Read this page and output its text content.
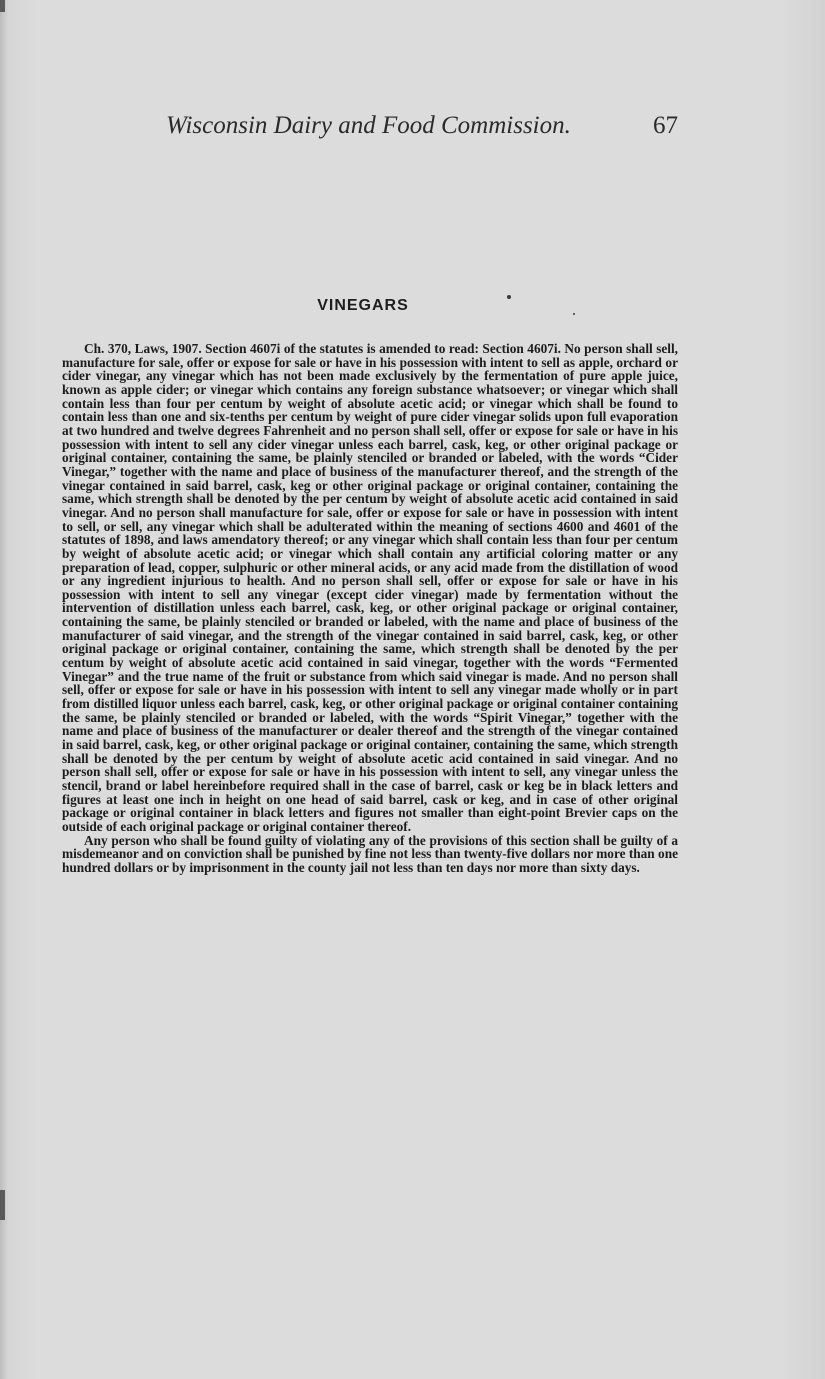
Wisconsin Dairy and Food Commission.	67
VINEGARS

Ch. 370, Laws, 1907. Section 4607i of the statutes is amended to read: Section 4607i. No person shall sell, manufacture for sale, offer or expose for sale or have in his possession with intent to sell as apple, orchard or cider vinegar, any vinegar which has not been made exclusively by the fermentation of pure apple juice, known as apple cider; or vinegar which contains any foreign substance whatsoever; or vinegar which shall contain less than four per centum by weight of absolute acetic acid; or vinegar which shall be found to contain less than one and six-tenths per centum by weight of pure cider vinegar solids upon full evaporation at two hundred and twelve degrees Fahrenheit and no person shall sell, offer or expose for sale or have in his possession with intent to sell any cider vinegar unless each barrel, cask, keg, or other original package or original container, containing the same, be plainly stenciled or branded or labeled, with the words “Cider Vinegar,” together with the name and place of business of the manufacturer thereof, and the strength of the vinegar contained in said barrel, cask, keg or other original package or original container, containing the same, which strength shall be denoted by the per centum by weight of absolute acetic acid contained in said vinegar. And no person shall manufacture for sale, offer or expose for sale or have in possession with intent to sell, or sell, any vinegar which shall be adulterated within the meaning of sections 4600 and 4601 of the statutes of 1898, and laws amendatory thereof; or any vinegar which shall contain less than four per centum by weight of absolute acetic acid; or vinegar which shall contain any artificial coloring matter or any preparation of lead, copper, sulphuric or other mineral acids, or any acid made from the distillation of wood or any ingredient injurious to health. And no person shall sell, offer or expose for sale or have in his possession with intent to sell any vinegar (except cider vinegar) made by fermentation without the intervention of distillation unless each barrel, cask, keg, or other original package or original container, containing the same, be plainly stenciled or branded or labeled, with the name and place of business of the manufacturer of said vinegar, and the strength of the vinegar contained in said barrel, cask, keg, or other original package or original container, containing the same, which strength shall be denoted by the per centum by weight of absolute acetic acid contained in said vinegar, together with the words “Fermented Vinegar” and the true name of the fruit or substance from which said vinegar is made. And no person shall sell, offer or expose for sale or have in his possession with intent to sell any vinegar made wholly or in part from distilled liquor unless each barrel, cask, keg, or other original package or original container containing the same, be plainly stenciled or branded or labeled, with the words “Spirit Vinegar,” together with the name and place of business of the manufacturer or dealer thereof and the strength of the vinegar contained in said barrel, cask, keg, or other original package or original container, containing the same, which strength shall be denoted by the per centum by weight of absolute acetic acid contained in said vinegar. And no person shall sell, offer or expose for sale or have in his possession with intent to sell, any vinegar unless the stencil, brand or label hereinbefore required shall in the case of barrel, cask or keg be in black letters and figures at least one inch in height on one head of said barrel, cask or keg, and in case of other original package or original container in black letters and figures not smaller than eight-point Brevier caps on the outside of each original package or original container thereof.

Any person who shall be found guilty of violating any of the provisions of this section shall be guilty of a misdemeanor and on conviction shall be punished by fine not less than twenty-five dollars nor more than one hundred dollars or by imprisonment in the county jail not less than ten days nor more than sixty days.
